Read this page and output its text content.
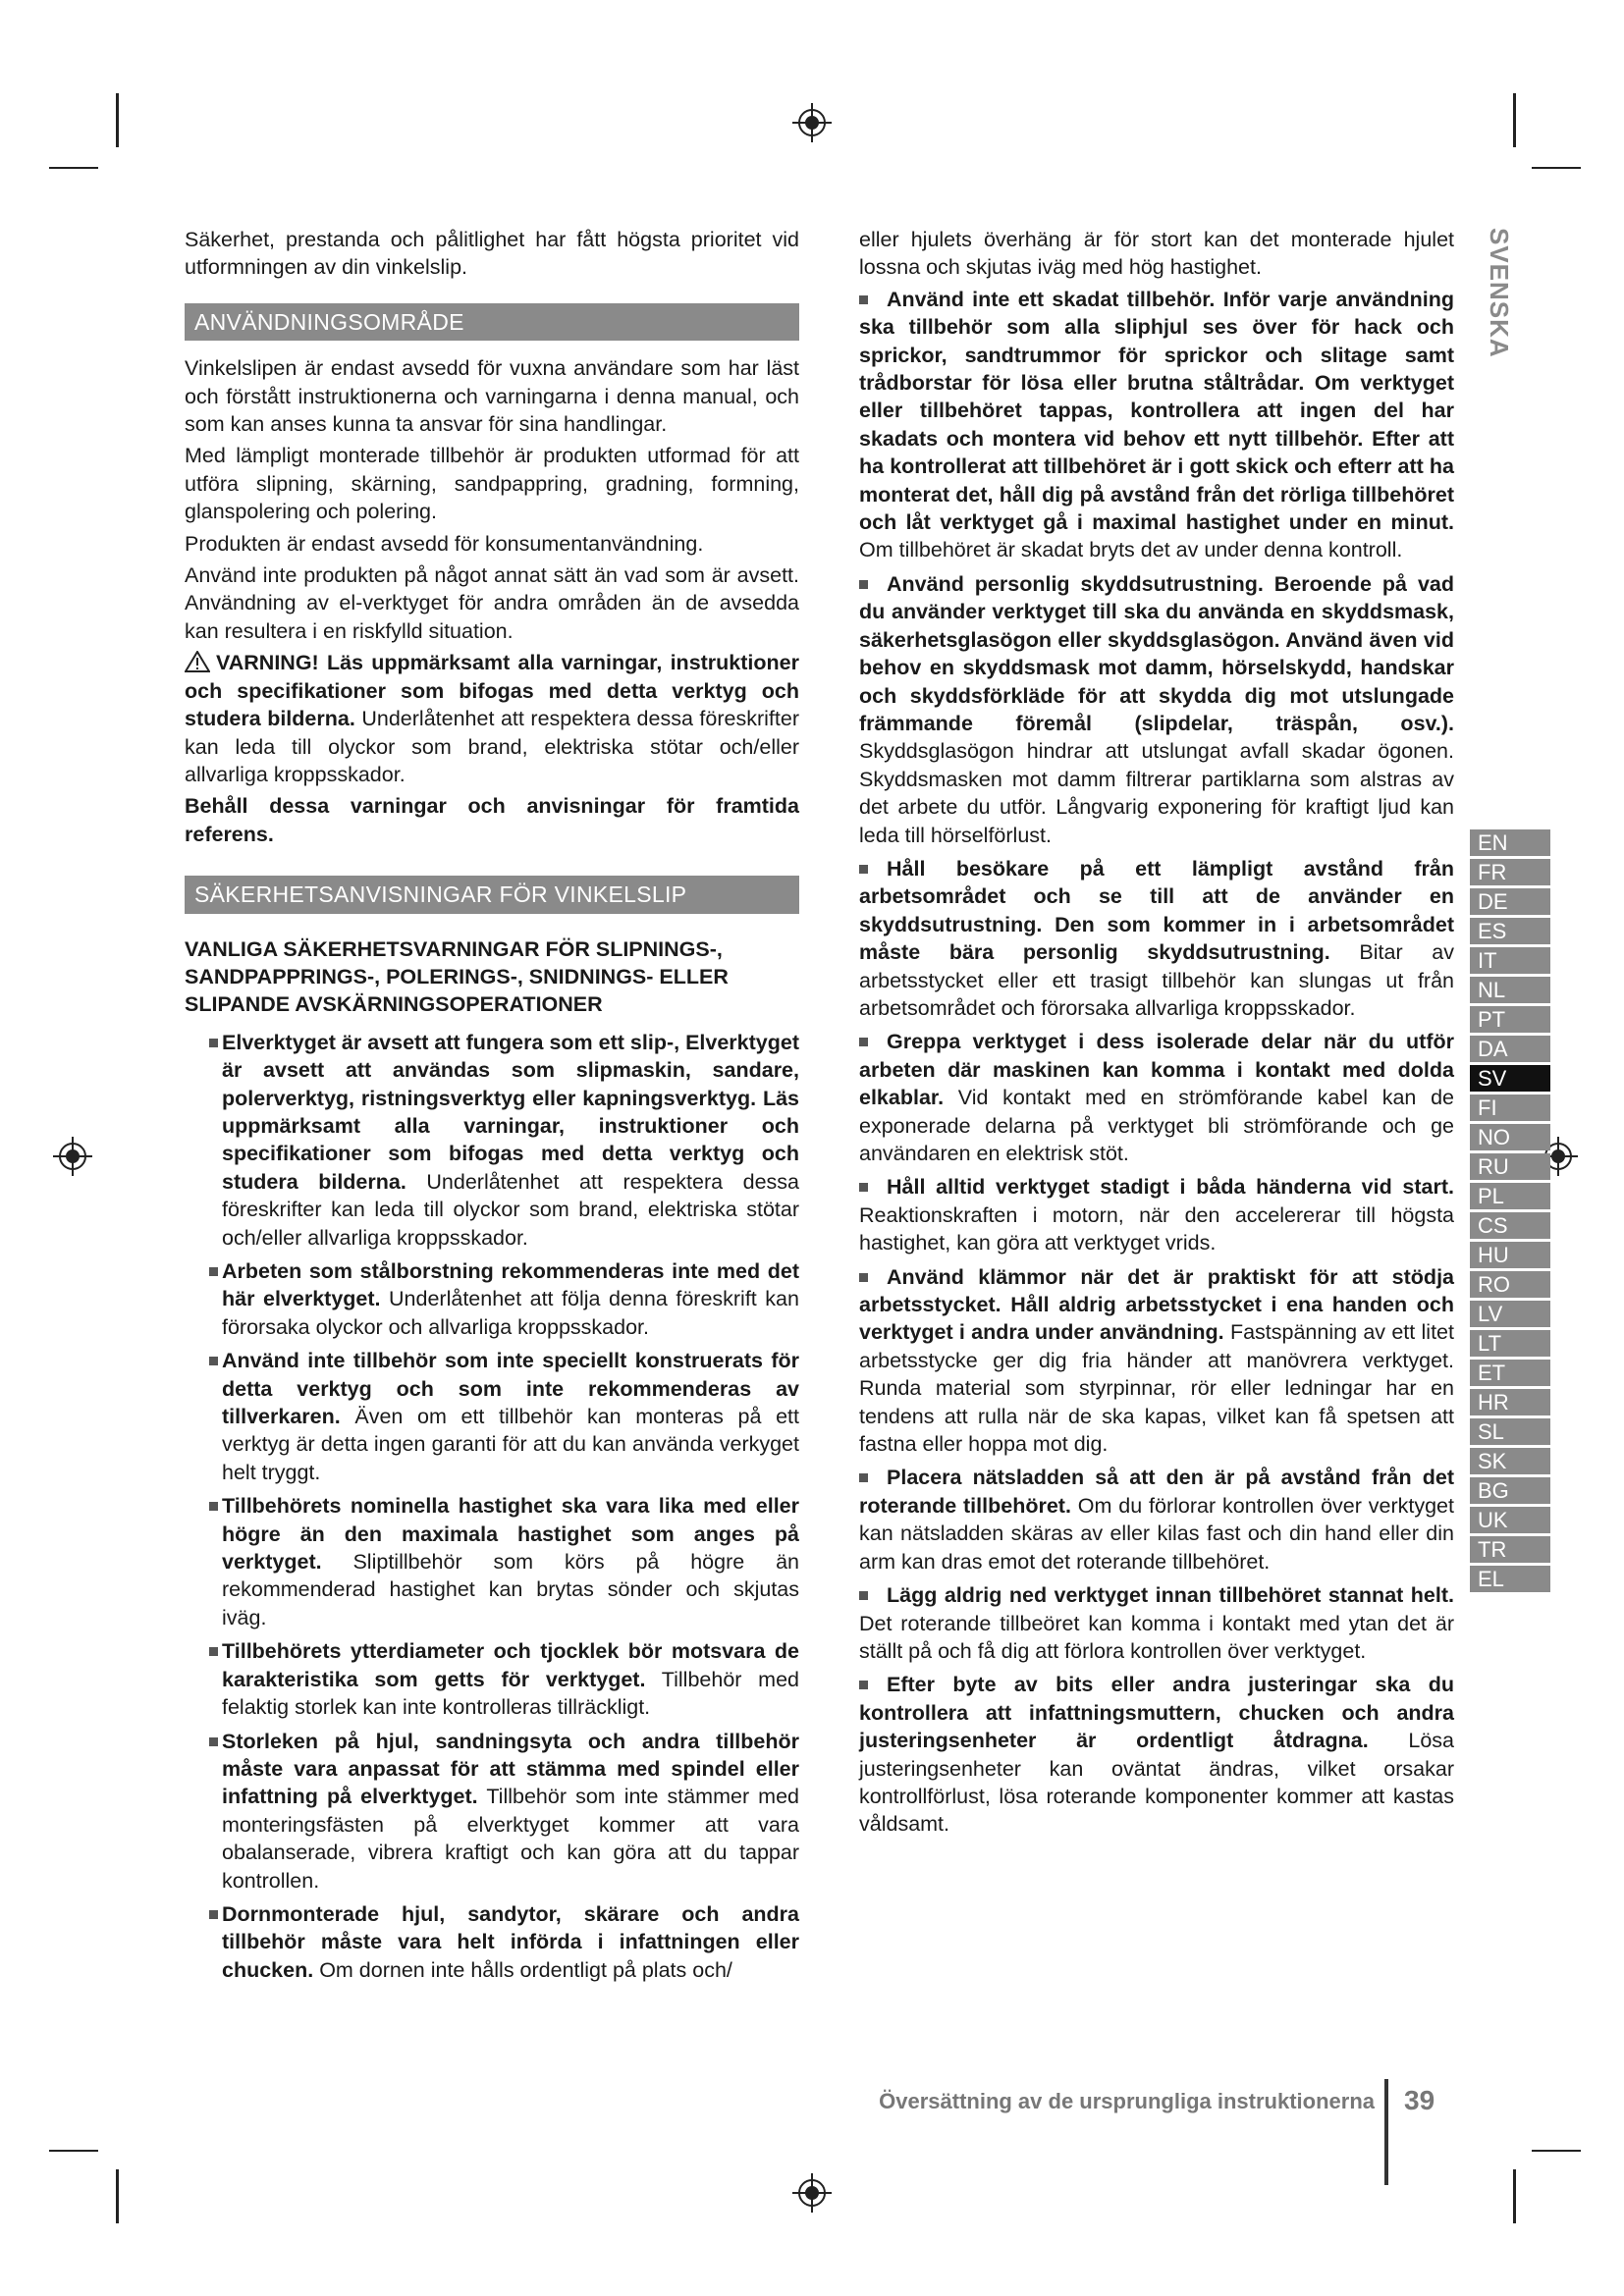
Säkerhet, prestanda och pålitlighet har fått högsta prioritet vid utformningen av din vinkelslip.

ANVÄNDNINGSOMRÅDE

Vinkelslipen är endast avsedd för vuxna användare som har läst och förstått instruktionerna och varningarna i denna manual, och som kan anses kunna ta ansvar för sina handlingar.

Med lämpligt monterade tillbehör är produkten utformad för att utföra slipning, skärning, sandpappring, gradning, formning, glanspolering och polering.

Produkten är endast avsedd för konsumentanvändning.

Använd inte produkten på något annat sätt än vad som är avsett. Användning av el-verktyget för andra områden än de avsedda kan resultera i en riskfylld situation.

VARNING! Läs uppmärksamt alla varningar, instruktioner och specifikationer som bifogas med detta verktyg och studera bilderna. Underlåtenhet att respektera dessa föreskrifter kan leda till olyckor som brand, elektriska stötar och/eller allvarliga kroppsskador.

Behåll dessa varningar och anvisningar för framtida referens.

SÄKERHETSANVISNINGAR FÖR VINKELSLIP
VANLIGA SÄKERHETSVARNINGAR FÖR SLIPNINGS-, SANDPAPPRINGS-, POLERINGS-, SNIDNINGS- ELLER SLIPANDE AVSKÄRNINGSOPERATIONER
Elverktyget är avsett att fungera som ett slip-, Elverktyget är avsett att användas som slipmaskin, sandare, polerverktyg, ristningsverktyg eller kapningsverktyg. Läs uppmärksamt alla varningar, instruktioner och specifikationer som bifogas med detta verktyg och studera bilderna. Underlåtenhet att respektera dessa föreskrifter kan leda till olyckor som brand, elektriska stötar och/eller allvarliga kroppsskador.
Arbeten som stålborstning rekommenderas inte med det här elverktyget. Underlåtenhet att följa denna föreskrift kan förorsaka olyckor och allvarliga kroppsskador.
Använd inte tillbehör som inte speciellt konstruerats för detta verktyg och som inte rekommenderas av tillverkaren. Även om ett tillbehör kan monteras på ett verktyg är detta ingen garanti för att du kan använda verkyget helt tryggt.
Tillbehörets nominella hastighet ska vara lika med eller högre än den maximala hastighet som anges på verktyget. Sliptillbehör som körs på högre än rekommenderad hastighet kan brytas sönder och skjutas iväg.
Tillbehörets ytterdiameter och tjocklek bör motsvara de karakteristika som getts för verktyget. Tillbehör med felaktig storlek kan inte kontrolleras tillräckligt.
Storleken på hjul, sandningsyta och andra tillbehör måste vara anpassat för att stämma med spindel eller infattning på elverktyget. Tillbehör som inte stämmer med monteringsfästen på elverktyget kommer att vara obalanserade, vibrera kraftigt och kan göra att du tappar kontrollen.
Dornmonterade hjul, sandytor, skärare och andra tillbehör måste vara helt införda i infattningen eller chucken. Om dornen inte hålls ordentligt på plats och/

eller hjulets överhäng är för stort kan det monterade hjulet lossna och skjutas iväg med hög hastighet.

Använd inte ett skadat tillbehör. Inför varje användning ska tillbehör som alla sliphjul ses över för hack och sprickor, sandtrummor för sprickor och slitage samt trådborstar för lösa eller brutna ståltrådar. Om verktyget eller tillbehöret tappas, kontrollera att ingen del har skadats och montera vid behov ett nytt tillbehör. Efter att ha kontrollerat att tillbehöret är i gott skick och efterr att ha monterat det, håll dig på avstånd från det rörliga tillbehöret och låt verktyget gå i maximal hastighet under en minut. Om tillbehöret är skadat bryts det av under denna kontroll.
Använd personlig skyddsutrustning. Beroende på vad du använder verktyget till ska du använda en skyddsmask, säkerhetsglasögon eller skyddsglasögon. Använd även vid behov en skyddsmask mot damm, hörselskydd, handskar och skyddsförkläde för att skydda dig mot utslungade främmande föremål (slipdelar, träspån, osv.). Skyddsglasögon hindrar att utslungat avfall skadar ögonen. Skyddsmasken mot damm filtrerar partiklarna som alstras av det arbete du utför. Långvarig exponering för kraftigt ljud kan leda till hörselförlust.
Håll besökare på ett lämpligt avstånd från arbetsområdet och se till att de använder en skyddsutrustning. Den som kommer in i arbetsområdet måste bära personlig skyddsutrustning. Bitar av arbetsstycket eller ett trasigt tillbehör kan slungas ut från arbetsområdet och förorsaka allvarliga kroppsskador.
Greppa verktyget i dess isolerade delar när du utför arbeten där maskinen kan komma i kontakt med dolda elkablar. Vid kontakt med en strömförande kabel kan de exponerade delarna på verktyget bli strömförande och ge användaren en elektrisk stöt.
Håll alltid verktyget stadigt i båda händerna vid start. Reaktionskraften i motorn, när den accelererar till högsta hastighet, kan göra att verktyget vrids.
Använd klämmor när det är praktiskt för att stödja arbetsstycket. Håll aldrig arbetsstycket i ena handen och verktyget i andra under användning. Fastspänning av ett litet arbetsstycke ger dig fria händer att manövrera verktyget. Runda material som styrpinnar, rör eller ledningar har en tendens att rulla när de ska kapas, vilket kan få spetsen att fastna eller hoppa mot dig.
Placera nätsladden så att den är på avstånd från det roterande tillbehöret. Om du förlorar kontrollen över verktyget kan nätsladden skäras av eller kilas fast och din hand eller din arm kan dras emot det roterande tillbehöret.
Lägg aldrig ned verktyget innan tillbehöret stannat helt. Det roterande tillbeöret kan komma i kontakt med ytan det är ställt på och få dig att förlora kontrollen över verktyget.
Efter byte av bits eller andra justeringar ska du kontrollera att infattningsmuttern, chucken och andra justeringsenheter är ordentligt åtdragna. Lösa justeringsenheter kan oväntat ändras, vilket orsakar kontrollförlust, lösa roterande komponenter kommer att kastas våldsamt.
SVENSKA
EN
FR
DE
ES
IT
NL
PT
DA
SV
FI
NO
RU
PL
CS
HU
RO
LV
LT
ET
HR
SL
SK
BG
UK
TR
EL
Översättning av de ursprungliga instruktionerna 39
